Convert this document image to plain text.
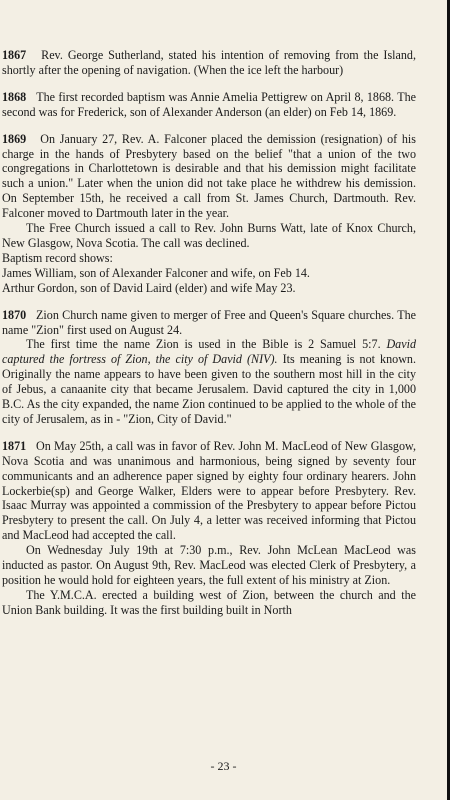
1867 Rev. George Sutherland, stated his intention of removing from the Island, shortly after the opening of navigation. (When the ice left the harbour)

1868 The first recorded baptism was Annie Amelia Pettigrew on April 8, 1868. The second was for Frederick, son of Alexander Anderson (an elder) on Feb 14, 1869.

1869 On January 27, Rev. A. Falconer placed the demission (resignation) of his charge in the hands of Presbytery based on the belief "that a union of the two congregations in Charlottetown is desirable and that his demission might facilitate such a union." Later when the union did not take place he withdrew his demission. On September 15th, he received a call from St. James Church, Dartmouth. Rev. Falconer moved to Dartmouth later in the year.

The Free Church issued a call to Rev. John Burns Watt, late of Knox Church, New Glasgow, Nova Scotia. The call was declined.

Baptism record shows:

James William, son of Alexander Falconer and wife, on Feb 14.

Arthur Gordon, son of David Laird (elder) and wife May 23.

1870 Zion Church name given to merger of Free and Queen's Square churches. The name "Zion" first used on August 24.

The first time the name Zion is used in the Bible is 2 Samuel 5:7. David captured the fortress of Zion, the city of David (NIV). Its meaning is not known. Originally the name appears to have been given to the southern most hill in the city of Jebus, a canaanite city that became Jerusalem. David captured the city in 1,000 B.C. As the city expanded, the name Zion continued to be applied to the whole of the city of Jerusalem, as in - "Zion, City of David."

1871 On May 25th, a call was in favor of Rev. John M. MacLeod of New Glasgow, Nova Scotia and was unanimous and harmonious, being signed by seventy four communicants and an adherence paper signed by eighty four ordinary hearers. John Lockerbie(sp) and George Walker, Elders were to appear before Presbytery. Rev. Isaac Murray was appointed a commission of the Presbytery to appear before Pictou Presbytery to present the call. On July 4, a letter was received informing that Pictou and MacLeod had accepted the call.

On Wednesday July 19th at 7:30 p.m., Rev. John McLean MacLeod was inducted as pastor. On August 9th, Rev. MacLeod was elected Clerk of Presbytery, a position he would hold for eighteen years, the full extent of his ministry at Zion.

The Y.M.C.A. erected a building west of Zion, between the church and the Union Bank building. It was the first building built in North

- 23 -
